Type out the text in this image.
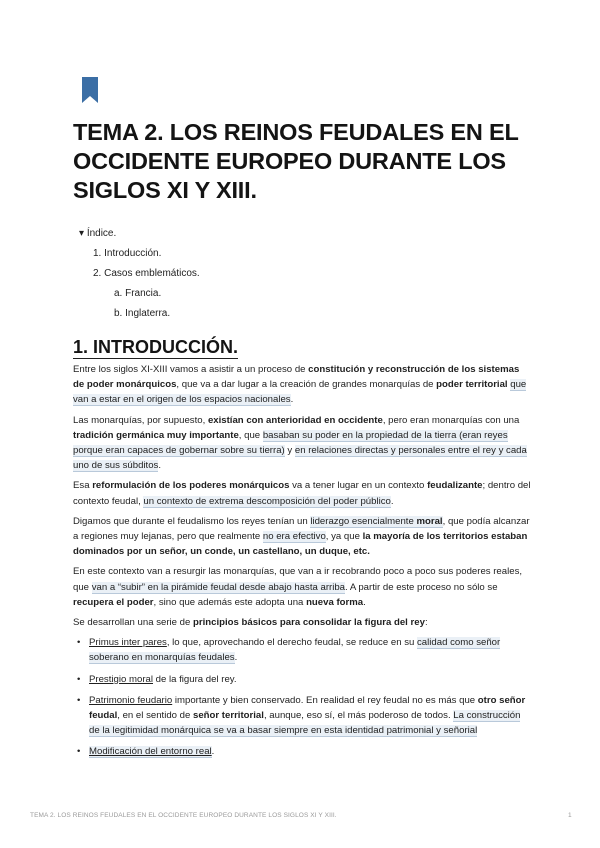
TEMA 2. LOS REINOS FEUDALES EN EL OCCIDENTE EUROPEO DURANTE LOS SIGLOS XI Y XIII.
▾ Índice.
1. Introducción.
2. Casos emblemáticos.
a. Francia.
b. Inglaterra.
1. INTRODUCCIÓN.

Entre los siglos XI-XIII vamos a asistir a un proceso de constitución y reconstrucción de los sistemas de poder monárquicos, que va a dar lugar a la creación de grandes monarquías de poder territorial que van a estar en el origen de los espacios nacionales.

Las monarquías, por supuesto, existían con anterioridad en occidente, pero eran monarquías con una tradición germánica muy importante, que basaban su poder en la propiedad de la tierra (eran reyes porque eran capaces de gobernar sobre su tierra) y en relaciones directas y personales entre el rey y cada uno de sus súbditos.

Esa reformulación de los poderes monárquicos va a tener lugar en un contexto feudalizante; dentro del contexto feudal, un contexto de extrema descomposición del poder público.

Digamos que durante el feudalismo los reyes tenían un liderazgo esencialmente moral, que podía alcanzar a regiones muy lejanas, pero que realmente no era efectivo, ya que la mayoría de los territorios estaban dominados por un señor, un conde, un castellano, un duque, etc.

En este contexto van a resurgir las monarquías, que van a ir recobrando poco a poco sus poderes reales, que van a “subir” en la pirámide feudal desde abajo hasta arriba. A partir de este proceso no sólo se recupera el poder, sino que además este adopta una nueva forma.

Se desarrollan una serie de principios básicos para consolidar la figura del rey:

• Primus inter pares, lo que, aprovechando el derecho feudal, se reduce en su calidad como señor soberano en monarquías feudales.
• Prestigio moral de la figura del rey.
• Patrimonio feudario importante y bien conservado. En realidad el rey feudal no es más que otro señor feudal, en el sentido de señor territorial, aunque, eso sí, el más poderoso de todos. La construcción de la legitimidad monárquica se va a basar siempre en esta identidad patrimonial y señorial
• Modificación del entorno real.
TEMA 2. LOS REINOS FEUDALES EN EL OCCIDENTE EUROPEO DURANTE LOS SIGLOS XI Y XIII.	1
